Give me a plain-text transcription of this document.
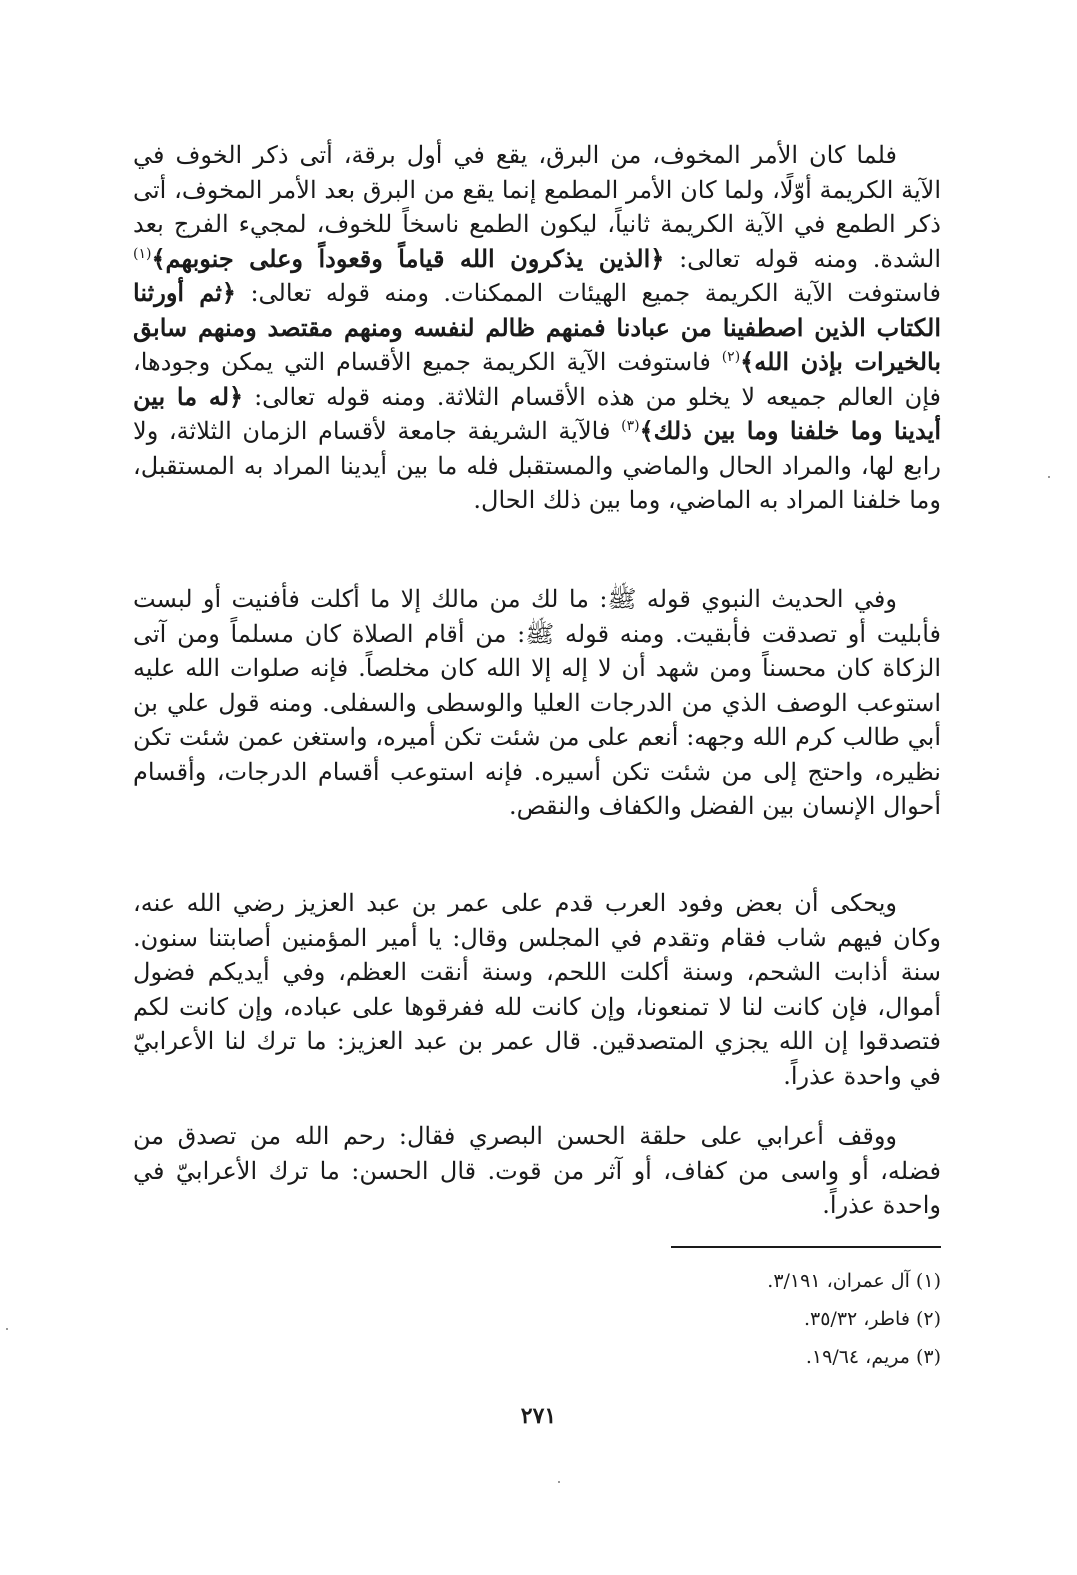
فلما كان الأمر المخوف، من البرق، يقع في أول برقة، أتى ذكر الخوف في الآية الكريمة أوّلًا، ولما كان الأمر المطمع إنما يقع من البرق بعد الأمر المخوف، أتى ذكر الطمع في الآية الكريمة ثانياً، ليكون الطمع ناسخاً للخوف، لمجيء الفرج بعد الشدة. ومنه قوله تعالى: ﴿الذين يذكرون الله قياماً وقعوداً وعلى جنوبهم﴾$^{(١)}$ فاستوفت الآية الكريمة جميع الهيئات الممكنات. ومنه قوله تعالى: ﴿ثم أورثنا الكتاب الذين اصطفينا من عبادنا فمنهم ظالم لنفسه ومنهم مقتصد ومنهم سابق بالخيرات بإذن الله﴾$^{(٢)}$ فاستوفت الآية الكريمة جميع الأقسام التي يمكن وجودها، فإن العالم جميعه لا يخلو من هذه الأقسام الثلاثة. ومنه قوله تعالى: ﴿له ما بين أيدينا وما خلفنا وما بين ذلك﴾$^{(٣)}$ فالآية الشريفة جامعة لأقسام الزمان الثلاثة، ولا رابع لها، والمراد الحال والماضي والمستقبل فله ما بين أيدينا المراد به المستقبل، وما خلفنا المراد به الماضي، وما بين ذلك الحال.

وفي الحديث النبوي قوله ﷺ: ما لك من مالك إلا ما أكلت فأفنيت أو لبست فأبليت أو تصدقت فأبقيت. ومنه قوله ﷺ: من أقام الصلاة كان مسلماً ومن آتى الزكاة كان محسناً ومن شهد أن لا إله إلا الله كان مخلصاً. فإنه صلوات الله عليه استوعب الوصف الذي من الدرجات العليا والوسطى والسفلى. ومنه قول علي بن أبي طالب كرم الله وجهه: أنعم على من شئت تكن أميره، واستغن عمن شئت تكن نظيره، واحتج إلى من شئت تكن أسيره. فإنه استوعب أقسام الدرجات، وأقسام أحوال الإنسان بين الفضل والكفاف والنقص.

ويحكى أن بعض وفود العرب قدم على عمر بن عبد العزيز رضي الله عنه، وكان فيهم شاب فقام وتقدم في المجلس وقال: يا أمير المؤمنين أصابتنا سنون. سنة أذابت الشحم، وسنة أكلت اللحم، وسنة أنقت العظم، وفي أيديكم فضول أموال، فإن كانت لنا لا تمنعونا، وإن كانت لله ففرقوها على عباده، وإن كانت لكم فتصدقوا إن الله يجزي المتصدقين. قال عمر بن عبد العزيز: ما ترك لنا الأعرابيّ في واحدة عذراً.

ووقف أعرابي على حلقة الحسن البصري فقال: رحم الله من تصدق من فضله، أو واسى من كفاف، أو آثر من قوت. قال الحسن: ما ترك الأعرابيّ في واحدة عذراً.

(١) آل عمران، ٣/١٩١.
(٢) فاطر، ٣٥/٣٢.
(٣) مريم، ١٩/٦٤.
٢٧١
